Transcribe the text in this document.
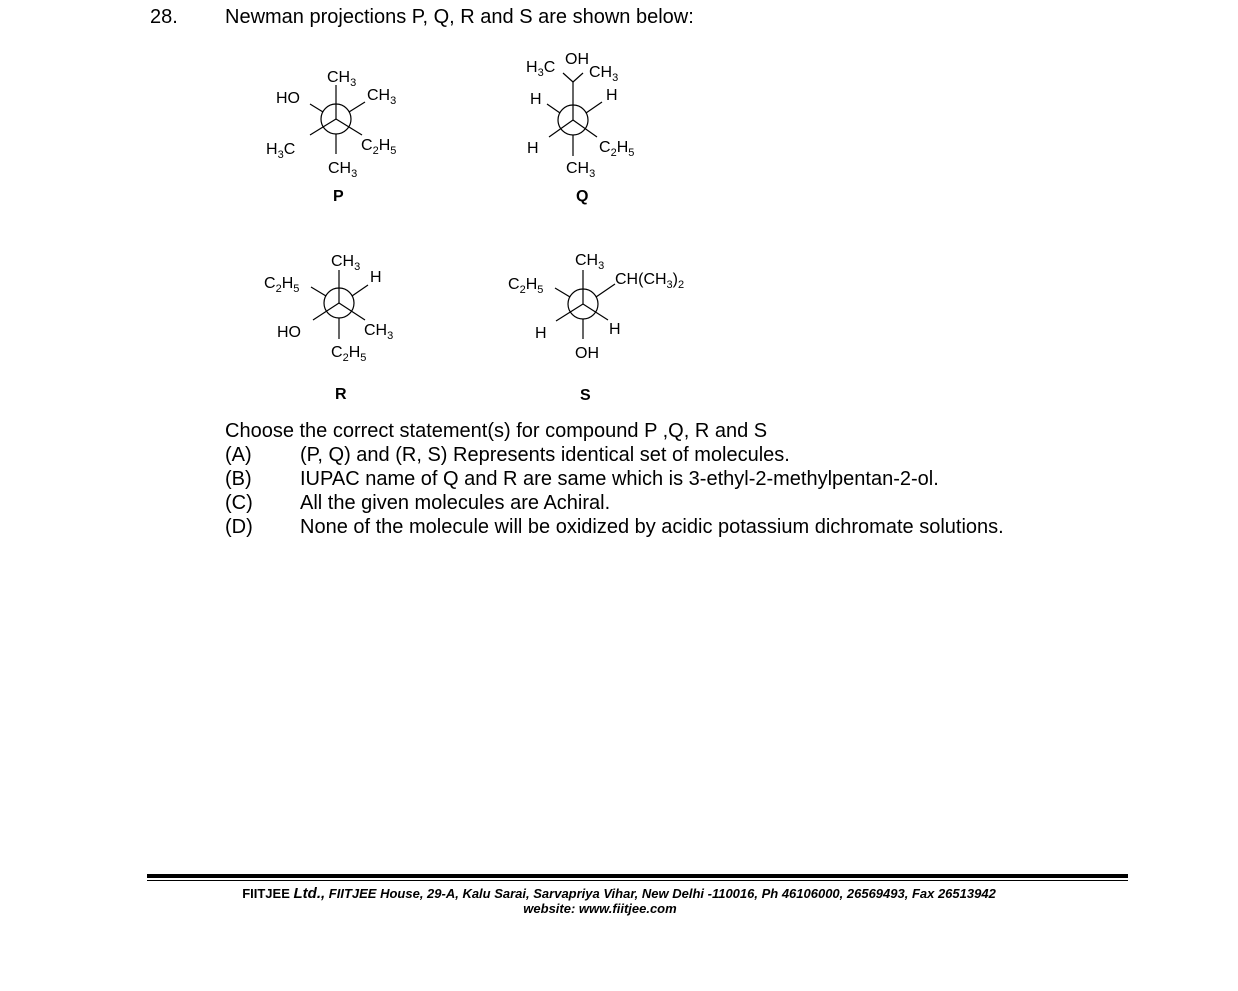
28. Newman projections P, Q, R and S are shown below:
$CH_3$
HO	$CH_3$
$H_3C$	$C_2H_5$
$CH_3$
P
$H_3C$ OH
$CH_3$
H	H
H	$C_2H_5$
$CH_3$
Q
$CH_3$
$C_2H_5$
H
HO	$CH_3$
$C_2H_5$
R
$CH_3$
$C_2H_5$
$CH(CH_3)_2$
H	H
OH
S
Choose the correct statement(s) for compound P ,Q, R and S
(A) (P, Q) and (R, S) Represents identical set of molecules.
(B) IUPAC name of Q and R are same which is 3-ethyl-2-methylpentan-2-ol.
(C) All the given molecules are Achiral.
(D) None of the molecule will be oxidized by acidic potassium dichromate solutions.
FIITJEE Ltd., FIITJEE House, 29-A, Kalu Sarai, Sarvapriya Vihar, New Delhi -110016, Ph 46106000, 26569493, Fax 26513942
website: www.fiitjee.com
